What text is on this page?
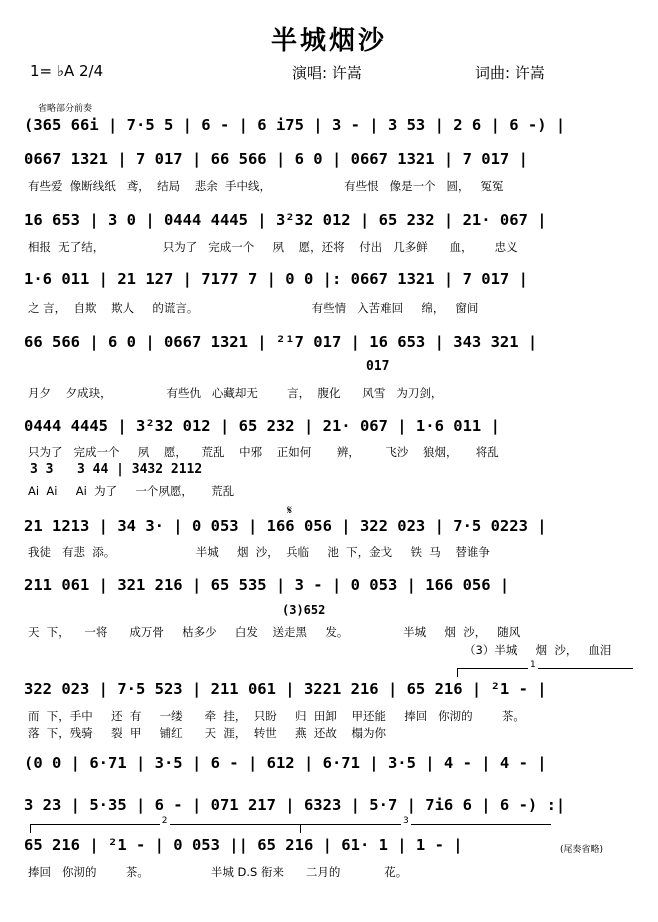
半城烟沙
1= ♭A 2/4	演唱: 许嵩	词曲: 许嵩
省略部分前奏
(365 66i | 7·5 5 | 6 - | 6 i75 | 3 - | 3 53 | 2 6 | 6 -) |
0667 1321 | 7 017 | 66 566 | 6 0 | 0667 1321 | 7 017 |
有些爱  像断线纸   鸢，  结局    悲余  手中线，                    有些恨   像是一个   圆，   冤冤
16 653 | 3 0 | 0444 4445 | 3²32 012 | 65 232 | 21· 067 |
相报  无了结，                只为了   完成一个     夙    愿，还将    付出   几多鲜      血，      忠义
1·6 011 | 21 127 | 7177 7 | 0 0 |: 0667 1321 | 7 017 |
之 言，  自欺    欺人     的谎言。                               有些情   入苦难回     绵，   窗间
66 566 | 6 0 | 0667 1321 | ²¹7 017 | 16 653 | 343 321 |
017
月夕    夕成玦，               有些仇   心藏却无        言，  腹化      风雪   为刀剑，
0444 4445 | 3²32 012 | 65 232 | 21· 067 | 1·6 011 |
只为了   完成一个     夙    愿，    荒乱    中邪    正如何       辨，       飞沙    狼烟，     将乱
3 3   3 44 | 3432 2112
Ai  Ai     Ai  为了     一个夙愿，     荒乱
𝄋
21 1213 | 34 3· | 0 053 | 166 056 | 322 023 | 7·5 0223 |
我徒   有悲  添。                      半城     烟  沙，  兵临     池  下，金戈     铁  马    替谁争
211 061 | 321 216 | 65 535 | 3 - | 0 053 | 166 056 |
(3)652
天  下，    一将      成万骨     枯多少     白发    送走黑     发。               半城     烟  沙，   随风
（3）半城     烟  沙，   血泪
1
322 023 | 7·5 523 | 211 061 | 3221 216 | 65 216 | ²1 - |
而  下，手中     还  有     一缕      牵  挂，  只盼     归  田卸    甲还能     捧回   你沏的        茶。
落  下，残骑     裂  甲     铺红      天  涯，  转世     燕  还故    榻为你
(0 0 | 6·71 | 3·5 | 6 - | 612 | 6·71 | 3·5 | 4 - | 4 - |
3 23 | 5·35 | 6 - | 071 217 | 6323 | 5·7 | 7i6 6 | 6 -) :|
2	3
65 216 | ²1 - | 0 053 || 65 216 | 61· 1 | 1 - |
捧回   你沏的        茶。                 半城 D.S 衔来      二月的            花。
(尾奏省略)
